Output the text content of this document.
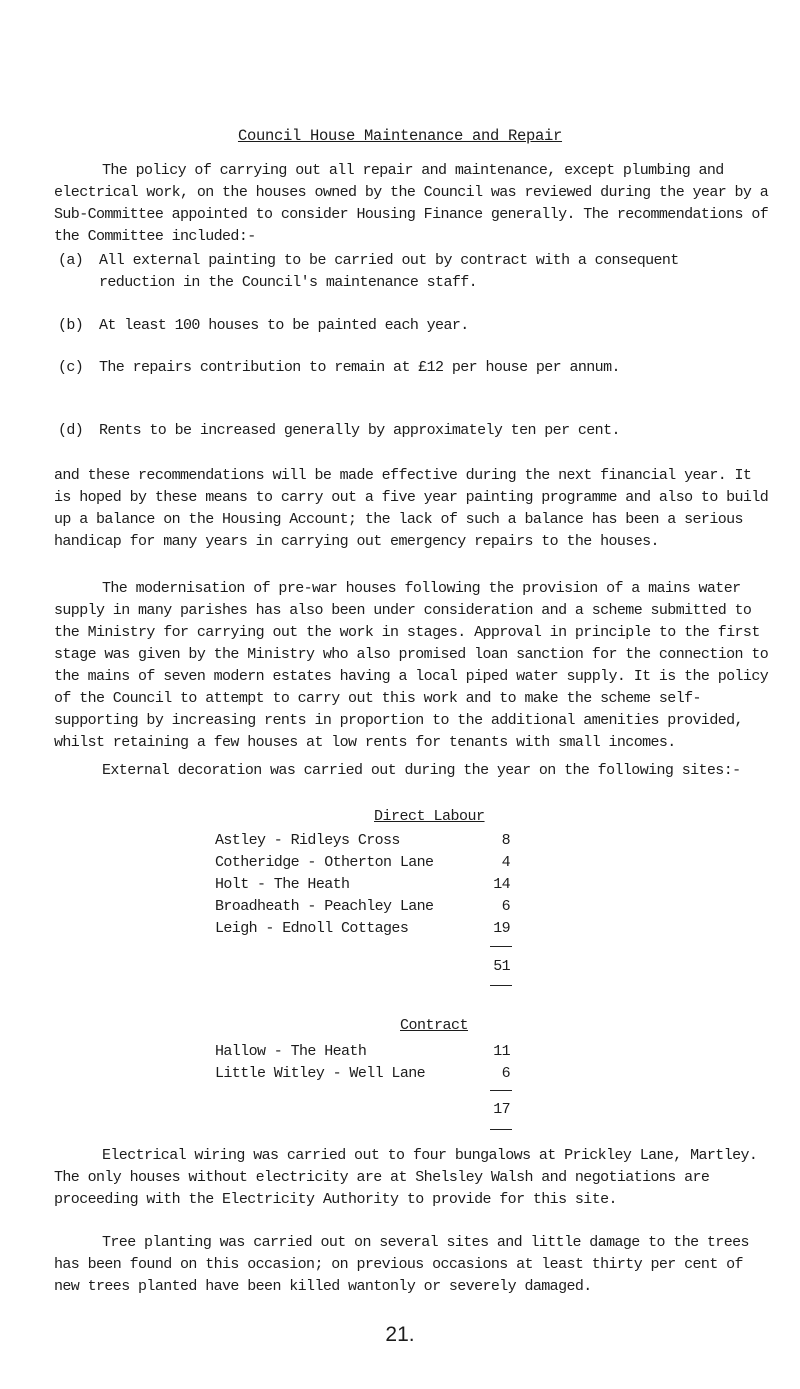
Council House Maintenance and Repair

The policy of carrying out all repair and maintenance, except plumbing and electrical work, on the houses owned by the Council was reviewed during the year by a Sub-Committee appointed to consider Housing Finance generally. The recommendations of the Committee included:-

(a)	All external painting to be carried out by contract with a consequent reduction in the Council's maintenance staff.
(b)	At least 100 houses to be painted each year.
(c)	The repairs contribution to remain at £12 per house per annum.
(d)	Rents to be increased generally by approximately ten per cent.

and these recommendations will be made effective during the next financial year. It is hoped by these means to carry out a five year painting programme and also to build up a balance on the Housing Account; the lack of such a balance has been a serious handicap for many years in carrying out emergency repairs to the houses.

The modernisation of pre-war houses following the provision of a mains water supply in many parishes has also been under consideration and a scheme submitted to the Ministry for carrying out the work in stages. Approval in principle to the first stage was given by the Ministry who also promised loan sanction for the connection to the mains of seven modern estates having a local piped water supply. It is the policy of the Council to attempt to carry out this work and to make the scheme self-supporting by increasing rents in proportion to the additional amenities provided, whilst retaining a few houses at low rents for tenants with small incomes.

External decoration was carried out during the year on the following sites:-

Direct Labour
Astley - Ridleys Cross	8
Cotheridge - Otherton Lane	4
Holt - The Heath	14
Broadheath - Peachley Lane	6
Leigh - Ednoll Cottages	19
51
Contract
Hallow - The Heath	11
Little Witley - Well Lane	6
17

Electrical wiring was carried out to four bungalows at Prickley Lane, Martley. The only houses without electricity are at Shelsley Walsh and negotiations are proceeding with the Electricity Authority to provide for this site.

Tree planting was carried out on several sites and little damage to the trees has been found on this occasion; on previous occasions at least thirty per cent of new trees planted have been killed wantonly or severely damaged.

21.
